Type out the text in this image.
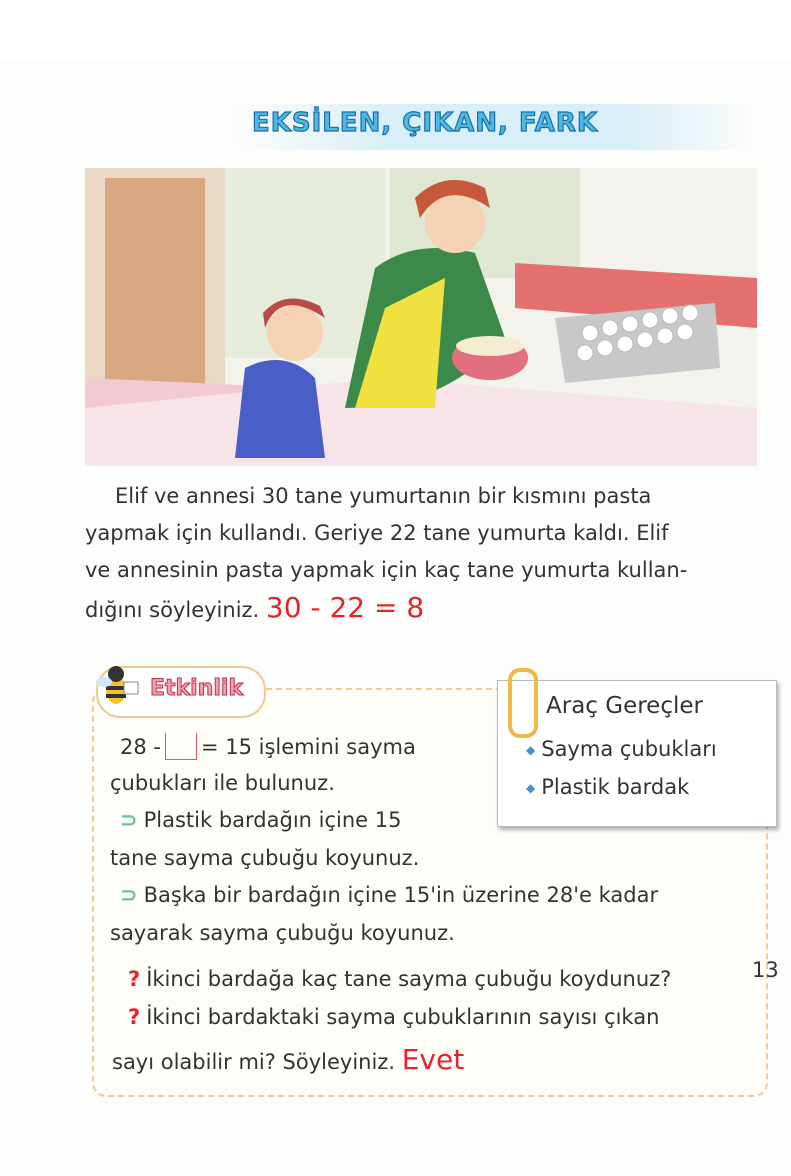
EKSİLEN, ÇIKAN, FARK
Elif ve annesi 30 tane yumurtanın bir kısmını pasta
yapmak için kullandı. Geriye 22 tane yumurta kaldı. Elif
ve annesinin pasta yapmak için kaç tane yumurta kullan-
dığını söyleyiniz. 30 - 22 = 8
Etkinlik
Araç Gereçler
◆ Sayma çubukları
◆ Plastik bardak
28 - = 15 işlemini sayma
çubukları ile bulunuz.
⊃ Plastik bardağın içine 15
tane sayma çubuğu koyunuz.
⊃ Başka bir bardağın içine 15'in üzerine 28'e kadar
sayarak sayma çubuğu koyunuz.
? İkinci bardağa kaç tane sayma çubuğu koydunuz?	13
? İkinci bardaktaki sayma çubuklarının sayısı çıkan
sayı olabilir mi? Söyleyiniz. Evet
